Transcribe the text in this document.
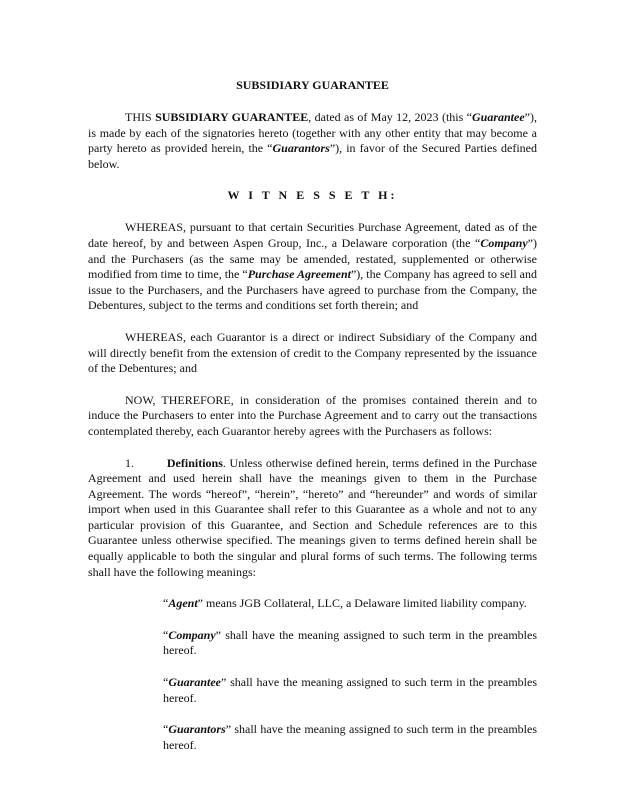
SUBSIDIARY GUARANTEE

THIS SUBSIDIARY GUARANTEE, dated as of May 12, 2023 (this “Guarantee”), is made by each of the signatories hereto (together with any other entity that may become a party hereto as provided herein, the “Guarantors”), in favor of the Secured Parties defined below.

W I T N E S S E T H:

WHEREAS, pursuant to that certain Securities Purchase Agreement, dated as of the date hereof, by and between Aspen Group, Inc., a Delaware corporation (the “Company”) and the Purchasers (as the same may be amended, restated, supplemented or otherwise modified from time to time, the “Purchase Agreement”), the Company has agreed to sell and issue to the Purchasers, and the Purchasers have agreed to purchase from the Company, the Debentures, subject to the terms and conditions set forth therein; and

WHEREAS, each Guarantor is a direct or indirect Subsidiary of the Company and will directly benefit from the extension of credit to the Company represented by the issuance of the Debentures; and

NOW, THEREFORE, in consideration of the promises contained therein and to induce the Purchasers to enter into the Purchase Agreement and to carry out the transactions contemplated thereby, each Guarantor hereby agrees with the Purchasers as follows:

1.	Definitions. Unless otherwise defined herein, terms defined in the Purchase Agreement and used herein shall have the meanings given to them in the Purchase Agreement. The words “hereof”, “herein”, “hereto” and “hereunder” and words of similar import when used in this Guarantee shall refer to this Guarantee as a whole and not to any particular provision of this Guarantee, and Section and Schedule references are to this Guarantee unless otherwise specified. The meanings given to terms defined herein shall be equally applicable to both the singular and plural forms of such terms. The following terms shall have the following meanings:

“Agent” means JGB Collateral, LLC, a Delaware limited liability company.

“Company” shall have the meaning assigned to such term in the preambles hereof.

“Guarantee” shall have the meaning assigned to such term in the preambles hereof.

“Guarantors” shall have the meaning assigned to such term in the preambles hereof.
